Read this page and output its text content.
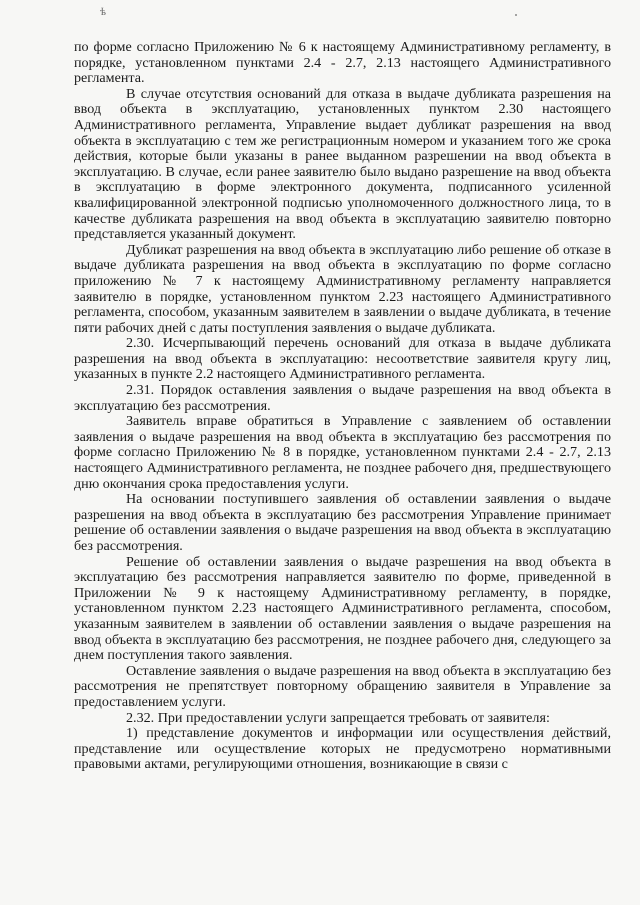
ѣ

по форме согласно Приложению № 6 к настоящему Административному регламенту, в порядке, установленном пунктами 2.4 - 2.7, 2.13 настоящего Административного регламента.

В случае отсутствия оснований для отказа в выдаче дубликата разрешения на ввод объекта в эксплуатацию, установленных пунктом 2.30 настоящего Административного регламента, Управление выдает дубликат разрешения на ввод объекта в эксплуатацию с тем же регистрационным номером и указанием того же срока действия, которые были указаны в ранее выданном разрешении на ввод объекта в эксплуатацию. В случае, если ранее заявителю было выдано разрешение на ввод объекта в эксплуатацию в форме электронного документа, подписанного усиленной квалифицированной электронной подписью уполномоченного должностного лица, то в качестве дубликата разрешения на ввод объекта в эксплуатацию заявителю повторно представляется указанный документ.

Дубликат разрешения на ввод объекта в эксплуатацию либо решение об отказе в выдаче дубликата разрешения на ввод объекта в эксплуатацию по форме согласно приложению № 7 к настоящему Административному регламенту направляется заявителю в порядке, установленном пунктом 2.23 настоящего Административного регламента, способом, указанным заявителем в заявлении о выдаче дубликата, в течение пяти рабочих дней с даты поступления заявления о выдаче дубликата.

2.30. Исчерпывающий перечень оснований для отказа в выдаче дубликата разрешения на ввод объекта в эксплуатацию: несоответствие заявителя кругу лиц, указанных в пункте 2.2 настоящего Административного регламента.

2.31. Порядок оставления заявления о выдаче разрешения на ввод объекта в эксплуатацию без рассмотрения.

Заявитель вправе обратиться в Управление с заявлением об оставлении заявления о выдаче разрешения на ввод объекта в эксплуатацию без рассмотрения по форме согласно Приложению № 8 в порядке, установленном пунктами 2.4 - 2.7, 2.13 настоящего Административного регламента, не позднее рабочего дня, предшествующего дню окончания срока предоставления услуги.

На основании поступившего заявления об оставлении заявления о выдаче разрешения на ввод объекта в эксплуатацию без рассмотрения Управление принимает решение об оставлении заявления о выдаче разрешения на ввод объекта в эксплуатацию без рассмотрения.

Решение об оставлении заявления о выдаче разрешения на ввод объекта в эксплуатацию без рассмотрения направляется заявителю по форме, приведенной в Приложении № 9 к настоящему Административному регламенту, в порядке, установленном пунктом 2.23 настоящего Административного регламента, способом, указанным заявителем в заявлении об оставлении заявления о выдаче разрешения на ввод объекта в эксплуатацию без рассмотрения, не позднее рабочего дня, следующего за днем поступления такого заявления.

Оставление заявления о выдаче разрешения на ввод объекта в эксплуатацию без рассмотрения не препятствует повторному обращению заявителя в Управление за предоставлением услуги.

2.32. При предоставлении услуги запрещается требовать от заявителя:

1) представление документов и информации или осуществления действий, представление или осуществление которых не предусмотрено нормативными правовыми актами, регулирующими отношения, возникающие в связи с
